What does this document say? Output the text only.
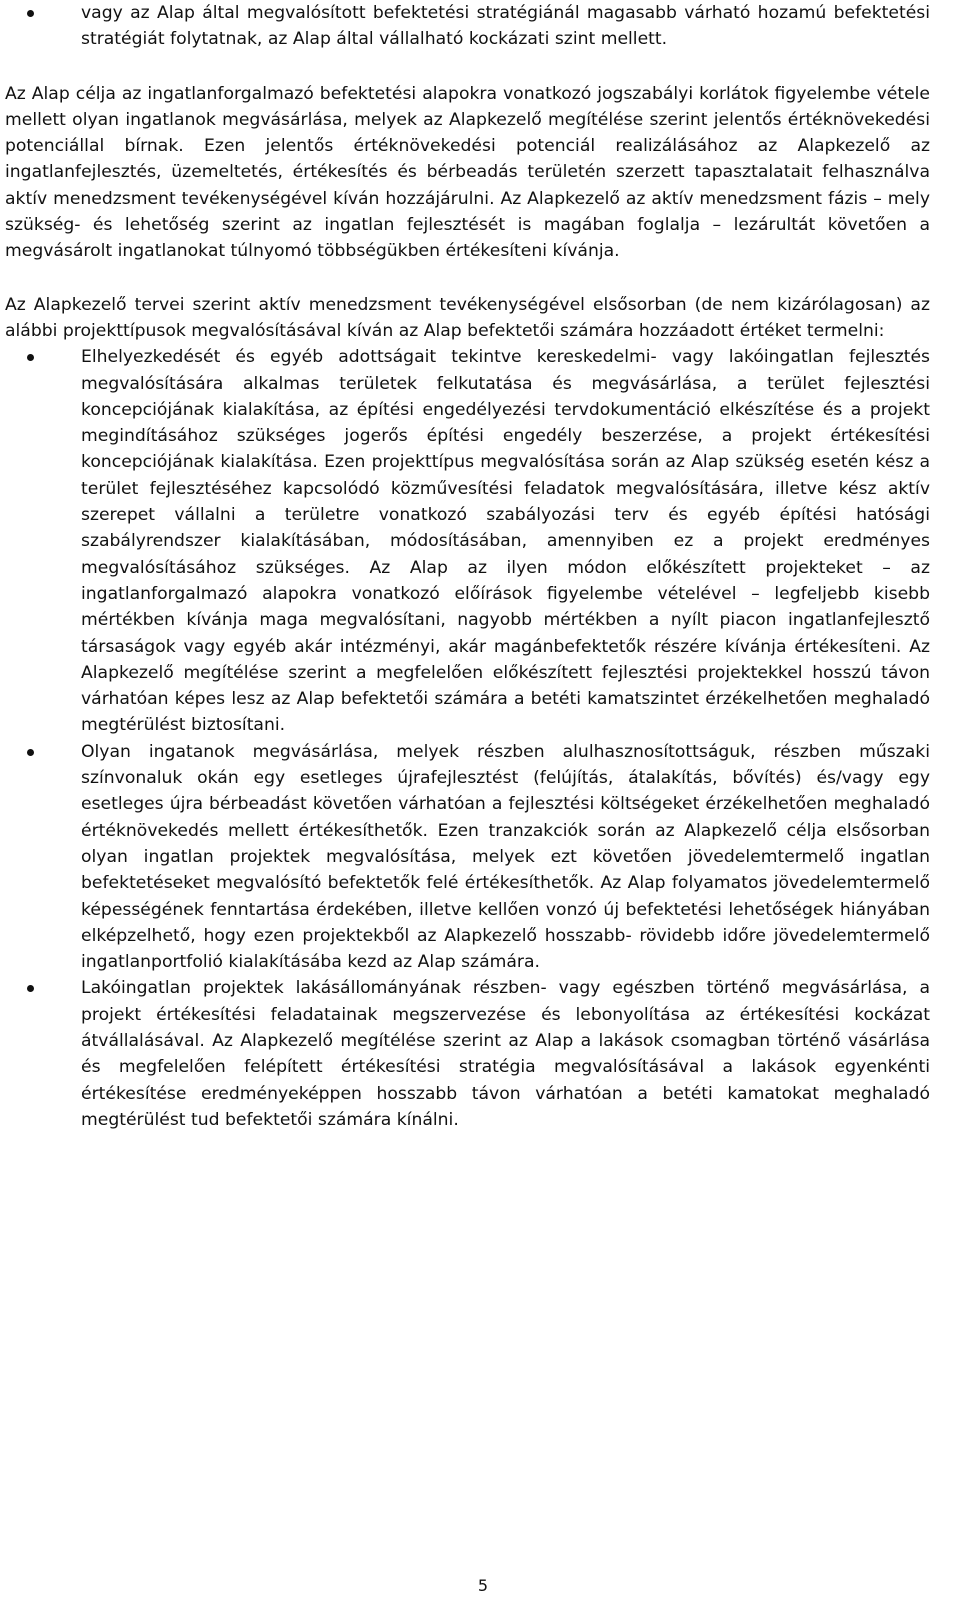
vagy az Alap által megvalósított befektetési stratégiánál magasabb várható hozamú befektetési stratégiát folytatnak, az Alap által vállalható kockázati szint mellett.

Az Alap célja az ingatlanforgalmazó befektetési alapokra vonatkozó jogszabályi korlátok figyelembe vétele mellett olyan ingatlanok megvásárlása, melyek az Alapkezelő megítélése szerint jelentős értéknövekedési potenciállal bírnak. Ezen jelentős értéknövekedési potenciál realizálásához az Alapkezelő az ingatlanfejlesztés, üzemeltetés, értékesítés és bérbeadás területén szerzett tapasztalatait felhasználva aktív menedzsment tevékenységével kíván hozzájárulni. Az Alapkezelő az aktív menedzsment fázis – mely szükség- és lehetőség szerint az ingatlan fejlesztését is magában foglalja – lezárultát követően a megvásárolt ingatlanokat túlnyomó többségükben értékesíteni kívánja.

Az Alapkezelő tervei szerint aktív menedzsment tevékenységével elsősorban (de nem kizárólagosan) az alábbi projekttípusok megvalósításával kíván az Alap befektetői számára hozzáadott értéket termelni:

Elhelyezkedését és egyéb adottságait tekintve kereskedelmi- vagy lakóingatlan fejlesztés megvalósítására alkalmas területek felkutatása és megvásárlása, a terület fejlesztési koncepciójának kialakítása, az építési engedélyezési tervdokumentáció elkészítése és a projekt megindításához szükséges jogerős építési engedély beszerzése, a projekt értékesítési koncepciójának kialakítása. Ezen projekttípus megvalósítása során az Alap szükség esetén kész a terület fejlesztéséhez kapcsolódó közművesítési feladatok megvalósítására, illetve kész aktív szerepet vállalni a területre vonatkozó szabályozási terv és egyéb építési hatósági szabályrendszer kialakításában, módosításában, amennyiben ez a projekt eredményes megvalósításához szükséges. Az Alap az ilyen módon előkészített projekteket – az ingatlanforgalmazó alapokra vonatkozó előírások figyelembe vételével – legfeljebb kisebb mértékben kívánja maga megvalósítani, nagyobb mértékben a nyílt piacon ingatlanfejlesztő társaságok vagy egyéb akár intézményi, akár magánbefektetők részére kívánja értékesíteni. Az Alapkezelő megítélése szerint a megfelelően előkészített fejlesztési projektekkel hosszú távon várhatóan képes lesz az Alap befektetői számára a betéti kamatszintet érzékelhetően meghaladó megtérülést biztosítani.

Olyan ingatanok megvásárlása, melyek részben alulhasznosítottságuk, részben műszaki színvonaluk okán egy esetleges újrafejlesztést (felújítás, átalakítás, bővítés) és/vagy egy esetleges újra bérbeadást követően várhatóan a fejlesztési költségeket érzékelhetően meghaladó értéknövekedés mellett értékesíthetők. Ezen tranzakciók során az Alapkezelő célja elsősorban olyan ingatlan projektek megvalósítása, melyek ezt követően jövedelemtermelő ingatlan befektetéseket megvalósító befektetők felé értékesíthetők. Az Alap folyamatos jövedelemtermelő képességének fenntartása érdekében, illetve kellően vonzó új befektetési lehetőségek hiányában elképzelhető, hogy ezen projektekből az Alapkezelő hosszabb- rövidebb időre jövedelemtermelő ingatlanportfolió kialakításába kezd az Alap számára.

Lakóingatlan projektek lakásállományának részben- vagy egészben történő megvásárlása, a projekt értékesítési feladatainak megszervezése és lebonyolítása az értékesítési kockázat átvállalásával. Az Alapkezelő megítélése szerint az Alap a lakások csomagban történő vásárlása és megfelelően felépített értékesítési stratégia megvalósításával a lakások egyenkénti értékesítése eredményeképpen hosszabb távon várhatóan a betéti kamatokat meghaladó megtérülést tud befektetői számára kínálni.

5
